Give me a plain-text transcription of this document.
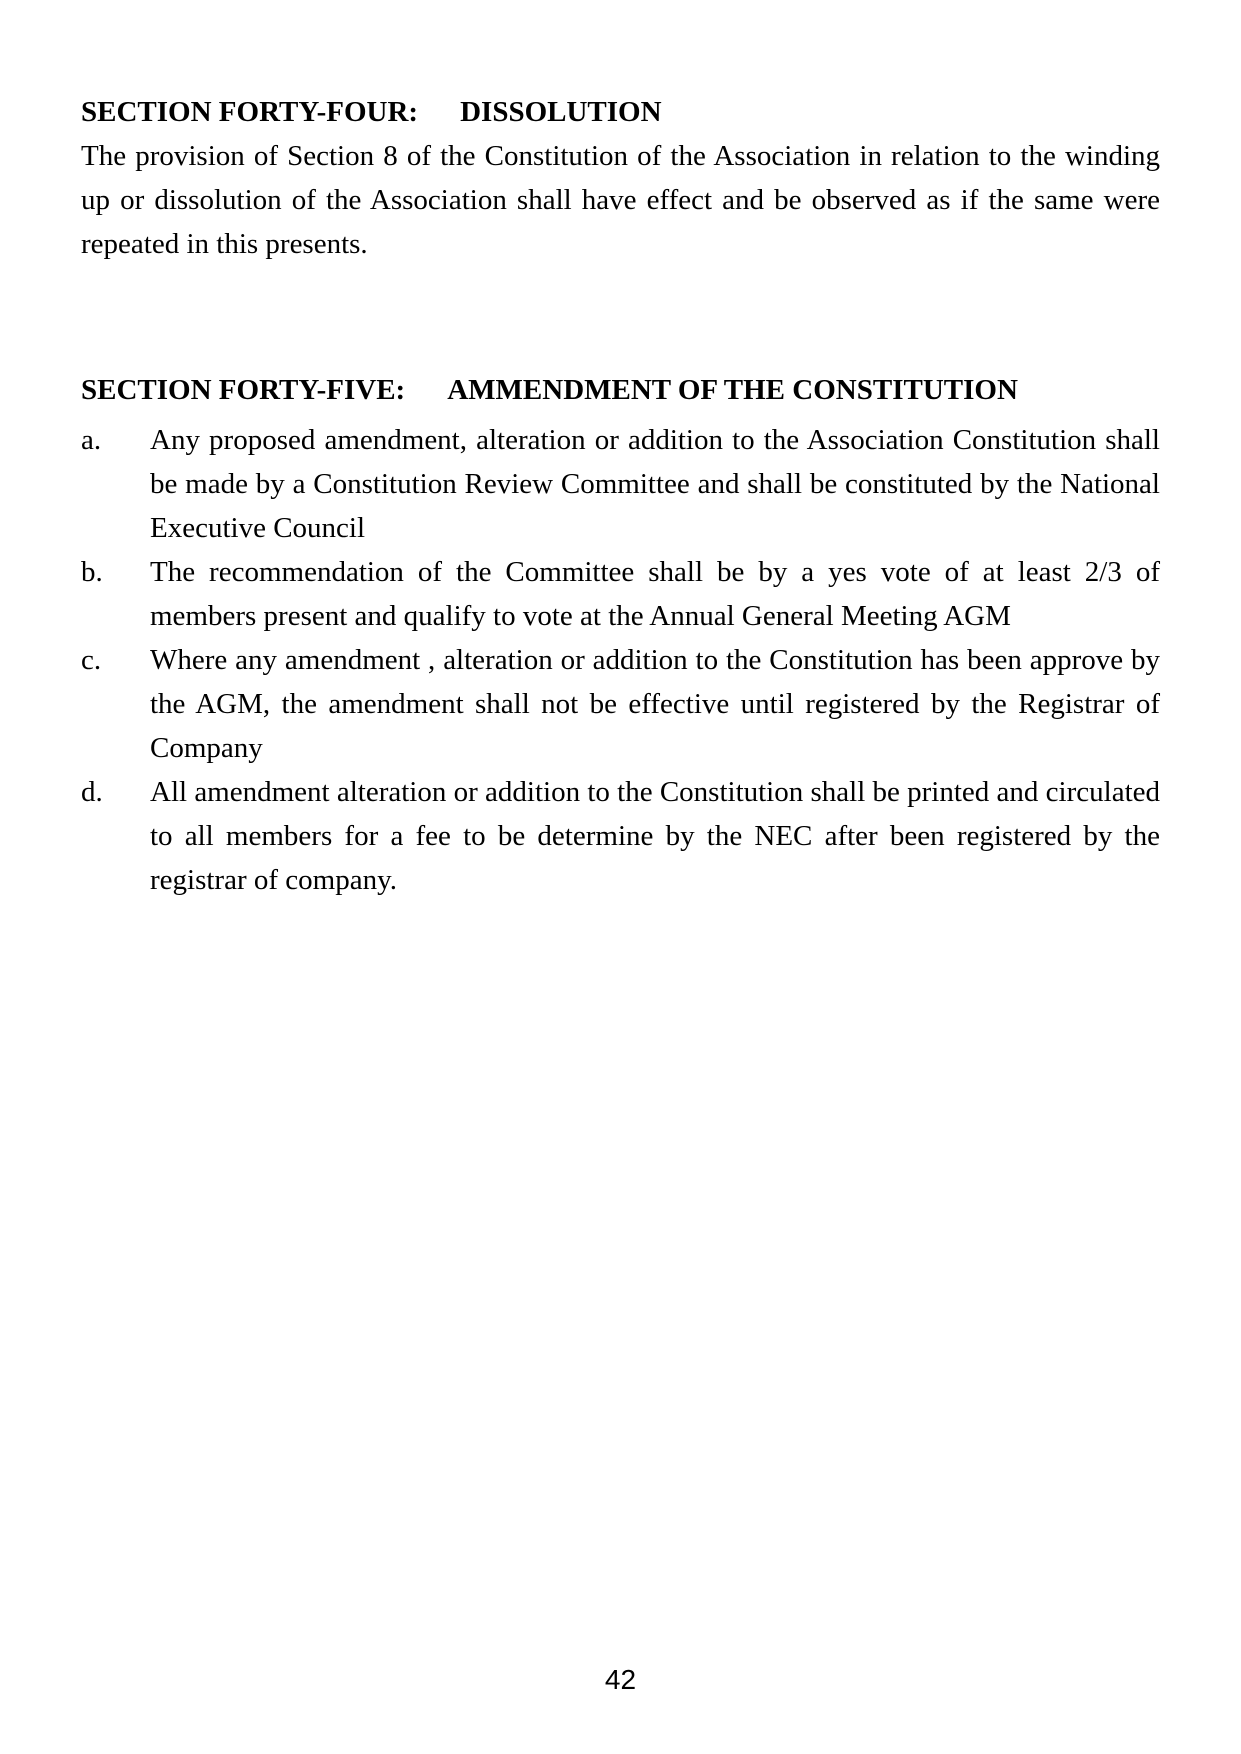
SECTION FORTY-FOUR: DISSOLUTION

The provision of Section 8 of the Constitution of the Association in relation to the winding up or dissolution of the Association shall have effect and be observed as if the same were repeated in this presents.

SECTION FORTY-FIVE: AMMENDMENT OF THE CONSTITUTION
a.	Any proposed amendment, alteration or addition to the Association Constitution shall be made by a Constitution Review Committee and shall be constituted by the National Executive Council
b.	The recommendation of the Committee shall be by a yes vote of at least 2/3 of members present and qualify to vote at the Annual General Meeting AGM
c.	Where any amendment , alteration or addition to the Constitution has been approve by the AGM, the amendment shall not be effective until registered by the Registrar of Company
d.	All amendment alteration or addition to the Constitution shall be printed and circulated to all members for a fee to be determine by the NEC after been registered by the registrar of company.
42
